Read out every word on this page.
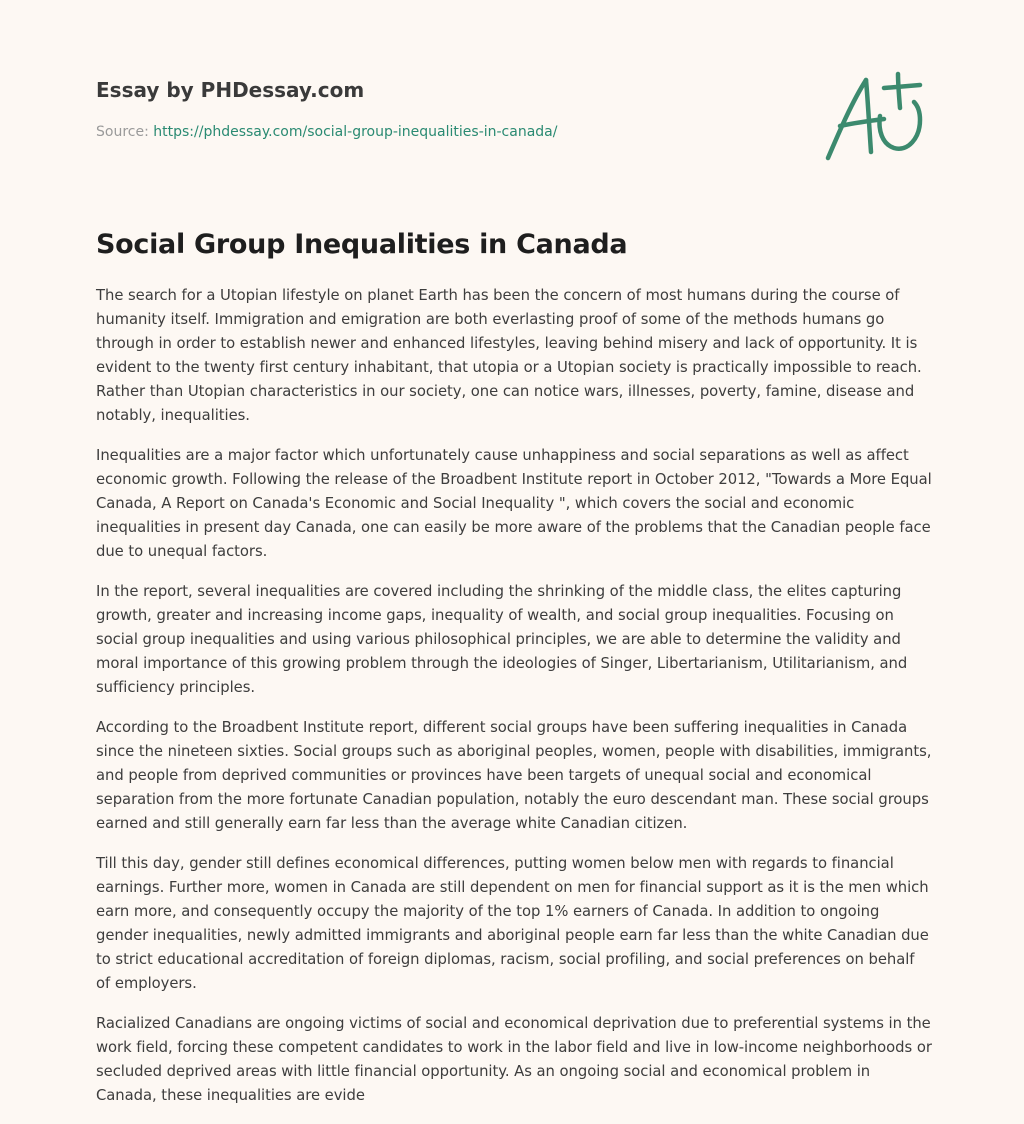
Essay by PHDessay.com
Source: https://phdessay.com/social-group-inequalities-in-canada/
Social Group Inequalities in Canada

The search for a Utopian lifestyle on planet Earth has been the concern of most humans during the course of humanity itself. Immigration and emigration are both everlasting proof of some of the methods humans go through in order to establish newer and enhanced lifestyles, leaving behind misery and lack of opportunity. It is evident to the twenty first century inhabitant, that utopia or a Utopian society is practically impossible to reach. Rather than Utopian characteristics in our society, one can notice wars, illnesses, poverty, famine, disease and notably, inequalities.

Inequalities are a major factor which unfortunately cause unhappiness and social separations as well as affect economic growth. Following the release of the Broadbent Institute report in October 2012, "Towards a More Equal Canada, A Report on Canada's Economic and Social Inequality ", which covers the social and economic inequalities in present day Canada, one can easily be more aware of the problems that the Canadian people face due to unequal factors.

In the report, several inequalities are covered including the shrinking of the middle class, the elites capturing growth, greater and increasing income gaps, inequality of wealth, and social group inequalities. Focusing on social group inequalities and using various philosophical principles, we are able to determine the validity and moral importance of this growing problem through the ideologies of Singer, Libertarianism, Utilitarianism, and sufficiency principles.

According to the Broadbent Institute report, different social groups have been suffering inequalities in Canada since the nineteen sixties. Social groups such as aboriginal peoples, women, people with disabilities, immigrants, and people from deprived communities or provinces have been targets of unequal social and economical separation from the more fortunate Canadian population, notably the euro descendant man. These social groups earned and still generally earn far less than the average white Canadian citizen.

Till this day, gender still defines economical differences, putting women below men with regards to financial earnings. Further more, women in Canada are still dependent on men for financial support as it is the men which earn more, and consequently occupy the majority of the top 1% earners of Canada. In addition to ongoing gender inequalities, newly admitted immigrants and aboriginal people earn far less than the white Canadian due to strict educational accreditation of foreign diplomas, racism, social profiling, and social preferences on behalf of employers.

Racialized Canadians are ongoing victims of social and economical deprivation due to preferential systems in the work field, forcing these competent candidates to work in the labor field and live in low-income neighborhoods or secluded deprived areas with little financial opportunity. As an ongoing social and economical problem in Canada, these inequalities are evide
